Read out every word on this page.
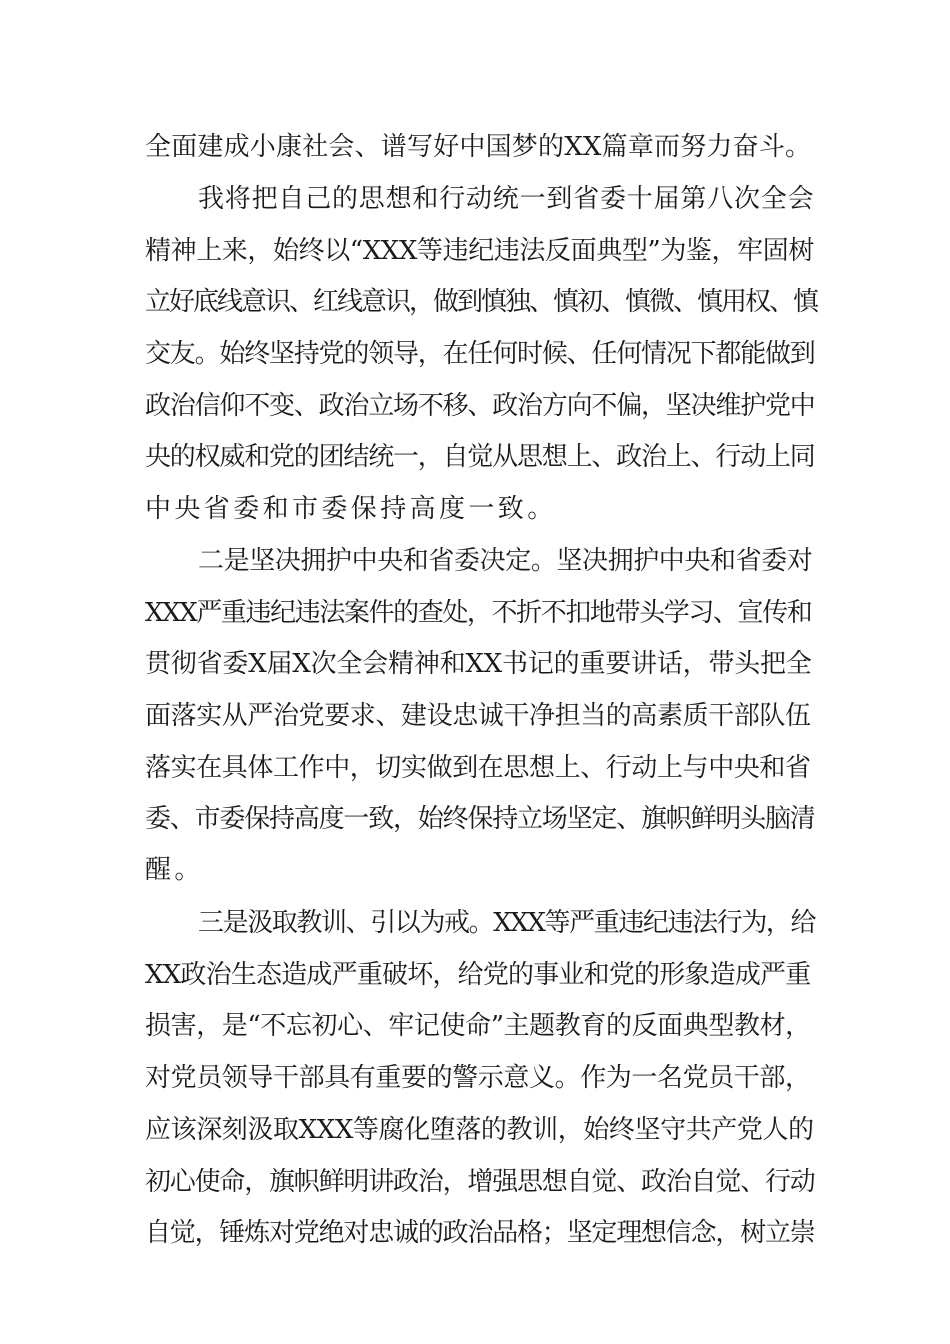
全面建成小康社会、谱写好中国梦的XX篇章而努力奋斗。
我将把自己的思想和行动统一到省委十届第八次全会
精神上来，始终以“XXX等违纪违法反面典型”为鉴，牢固树
立好底线意识、红线意识，做到慎独、慎初、慎微、慎用权、慎
交友。始终坚持党的领导，在任何时候、任何情况下都能做到
政治信仰不变、政治立场不移、政治方向不偏，坚决维护党中
央的权威和党的团结统一，自觉从思想上、政治上、行动上同
中央省委和市委保持高度一致。
二是坚决拥护中央和省委决定。坚决拥护中央和省委对
XXX严重违纪违法案件的查处，不折不扣地带头学习、宣传和
贯彻省委X届X次全会精神和XX书记的重要讲话，带头把全
面落实从严治党要求、建设忠诚干净担当的高素质干部队伍
落实在具体工作中，切实做到在思想上、行动上与中央和省
委、市委保持高度一致，始终保持立场坚定、旗帜鲜明头脑清
醒。
三是汲取教训、引以为戒。XXX等严重违纪违法行为，给
XX政治生态造成严重破坏，给党的事业和党的形象造成严重
损害，是“不忘初心、牢记使命”主题教育的反面典型教材，
对党员领导干部具有重要的警示意义。作为一名党员干部，
应该深刻汲取XXX等腐化堕落的教训，始终坚守共产党人的
初心使命，旗帜鲜明讲政治，增强思想自觉、政治自觉、行动
自觉，锤炼对党绝对忠诚的政治品格；坚定理想信念，树立崇
